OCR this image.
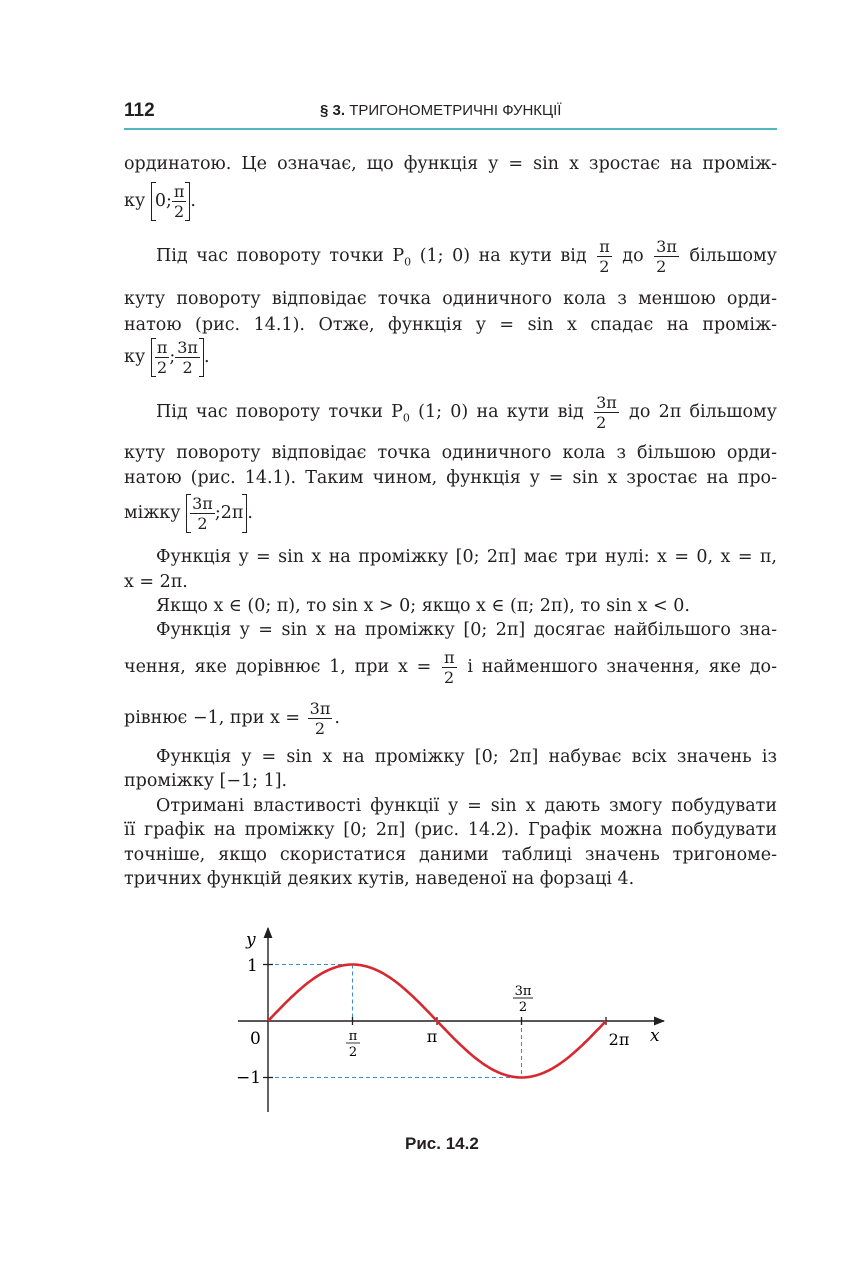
112	§ 3. ТРИГОНОМЕТРИЧНІ ФУНКЦІЇ
ординатою. Це означає, що функція y = sin x зростає на проміж-
ку 0; $\frac{\pi}{2}$ .
Під час повороту точки $P_0$ (1; 0) на кути від $\frac{\pi}{2}$ до $\frac{3\pi}{2}$ більшому
куту повороту відповідає точка одиничного кола з меншою орди-
натою (рис. 14.1). Отже, функція y = sin x спадає на проміж-
ку $\frac{\pi}{2}$ ; $\frac{3\pi}{2}$ .
Під час повороту точки $P_0$ (1; 0) на кути від $\frac{3\pi}{2}$ до 2π більшому
куту повороту відповідає точка одиничного кола з більшою орди-
натою (рис. 14.1). Таким чином, функція y = sin x зростає на про-
міжку $\frac{3\pi}{2}$ ;2π .
Функція y = sin x на проміжку [0; 2π] має три нулі: x = 0, x = π,
x = 2π.
Якщо x ∈ (0; π), то sin x > 0; якщо x ∈ (π; 2π), то sin x < 0.
Функція y = sin x на проміжку [0; 2π] досягає найбільшого зна-
чення, яке дорівнює 1, при $x = \frac{\pi}{2}$ і найменшого значення, яке до-
рівнює −1, при $x = \frac{3\pi}{2}$ .
Функція y = sin x на проміжку [0; 2π] набуває всіх значень із
проміжку [−1; 1].
Отримані властивості функції y = sin x дають змогу побудувати
її графік на проміжку [0; 2π] (рис. 14.2). Графік можна побудувати
точніше, якщо скористатися даними таблиці значень тригономе-
тричних функцій деяких кутів, наведеної на форзаці 4.
y
x
0
1
−1
π
2
π
3π
2
2π
Рис. 14.2
